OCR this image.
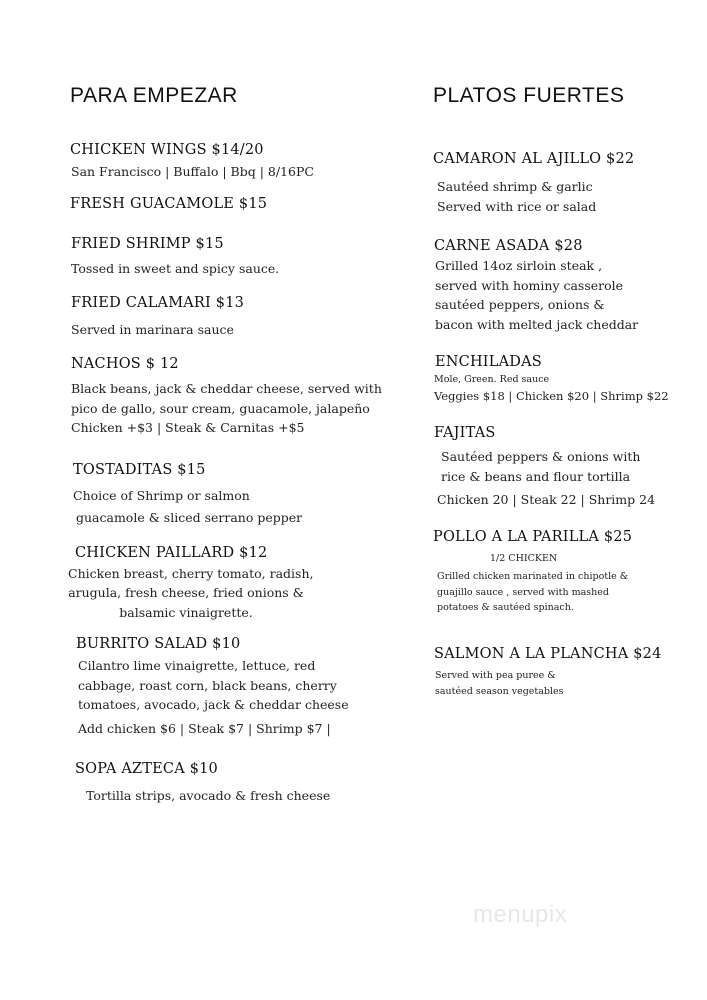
PARA EMPEZAR
CHICKEN WINGS $14/20
San Francisco | Buffalo | Bbq | 8/16PC
FRESH GUACAMOLE $15
FRIED SHRIMP $15
Tossed in sweet and spicy sauce.
FRIED CALAMARI $13
Served in marinara sauce
NACHOS $ 12
Black beans, jack & cheddar cheese, served with
pico de gallo, sour cream, guacamole, jalapeño
Chicken +$3 | Steak & Carnitas +$5
TOSTADITAS $15
Choice of Shrimp or salmon
guacamole & sliced serrano pepper
CHICKEN PAILLARD $12
Chicken breast, cherry tomato, radish,
arugula, fresh cheese, fried onions &
balsamic vinaigrette.
BURRITO SALAD $10
Cilantro lime vinaigrette, lettuce, red
cabbage, roast corn, black beans, cherry
tomatoes, avocado, jack & cheddar cheese
Add chicken $6 | Steak $7 | Shrimp $7 |
SOPA AZTECA $10
Tortilla strips, avocado & fresh cheese
PLATOS FUERTES
CAMARON AL AJILLO $22
Sautéed shrimp & garlic
Served with rice or salad
CARNE ASADA $28
Grilled 14oz sirloin steak ,
served with hominy casserole
sautéed peppers, onions &
bacon with melted jack cheddar
ENCHILADAS
Mole, Green. Red sauce
Veggies $18 | Chicken $20 | Shrimp $22
FAJITAS
Sautéed peppers & onions with
rice & beans and flour tortilla
Chicken 20 | Steak 22 | Shrimp 24
POLLO A LA PARILLA $25
1/2 CHICKEN
Grilled chicken marinated in chipotle &
guajillo sauce , served with mashed
potatoes & sautéed spinach.
SALMON A LA PLANCHA $24
Served with pea puree &
sautéed season vegetables
menupix
